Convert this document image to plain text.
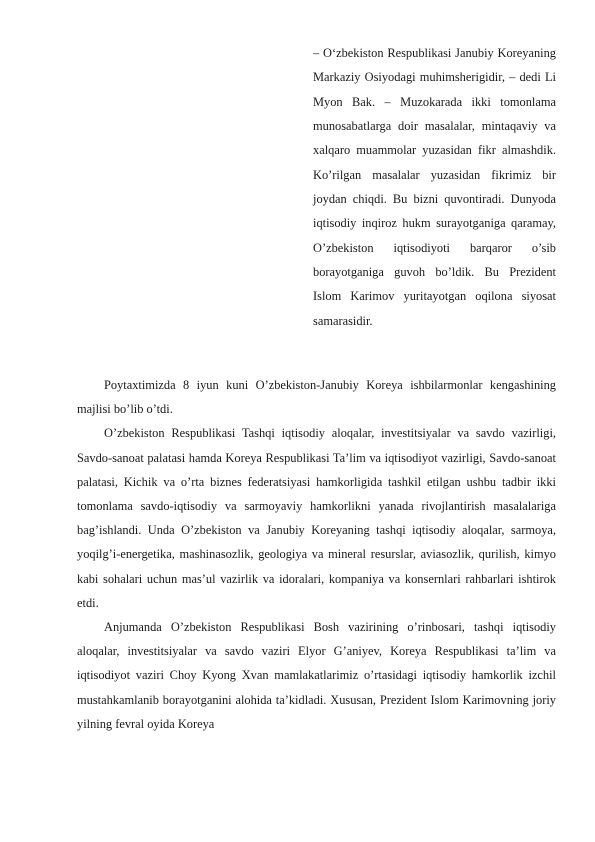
– O‘zbekiston Respublikasi Janubiy Koreyaning Markaziy Osiyodagi muhimsherigidir, – dedi Li Myon Bak. – Muzokarada ikki tomonlama munosabatlarga doir masalalar, mintaqaviy va xalqaro muammolar yuzasidan fikr almashdik. Ko’rilgan masalalar yuzasidan fikrimiz bir joydan chiqdi. Bu bizni quvontiradi. Dunyoda iqtisodiy inqiroz hukm surayotganiga qaramay, O’zbekiston iqtisodiyoti barqaror o’sib borayotganiga guvoh bo’ldik. Bu Prezident Islom Karimov yuritayotgan oqilona siyosat samarasidir.

Poytaxtimizda 8 iyun kuni O’zbekiston-Janubiy Koreya ishbilarmonlar kengashining majlisi bo’lib o’tdi.

O’zbekiston Respublikasi Tashqi iqtisodiy aloqalar, investitsiyalar va savdo vazirligi, Savdo-sanoat palatasi hamda Koreya Respublikasi Ta’lim va iqtisodiyot vazirligi, Savdo-sanoat palatasi, Kichik va o’rta biznes federatsiyasi hamkorligida tashkil etilgan ushbu tadbir ikki tomonlama savdo-iqtisodiy va sarmoyaviy hamkorlikni yanada rivojlantirish masalalariga bag’ishlandi. Unda O’zbekiston va Janubiy Koreyaning tashqi iqtisodiy aloqalar, sarmoya, yoqilg’i-energetika, mashinasozlik, geologiya va mineral resurslar, aviasozlik, qurilish, kimyo kabi sohalari uchun mas’ul vazirlik va idoralari, kompaniya va konsernlari rahbarlari ishtirok etdi.

Anjumanda O’zbekiston Respublikasi Bosh vazirining o’rinbosari, tashqi iqtisodiy aloqalar, investitsiyalar va savdo vaziri Elyor G’aniyev, Koreya Respublikasi ta’lim va iqtisodiyot vaziri Choy Kyong Xvan mamlakatlarimiz o’rtasidagi iqtisodiy hamkorlik izchil mustahkamlanib borayotganini alohida ta’kidladi. Xususan, Prezident Islom Karimovning joriy yilning fevral oyida Koreya
